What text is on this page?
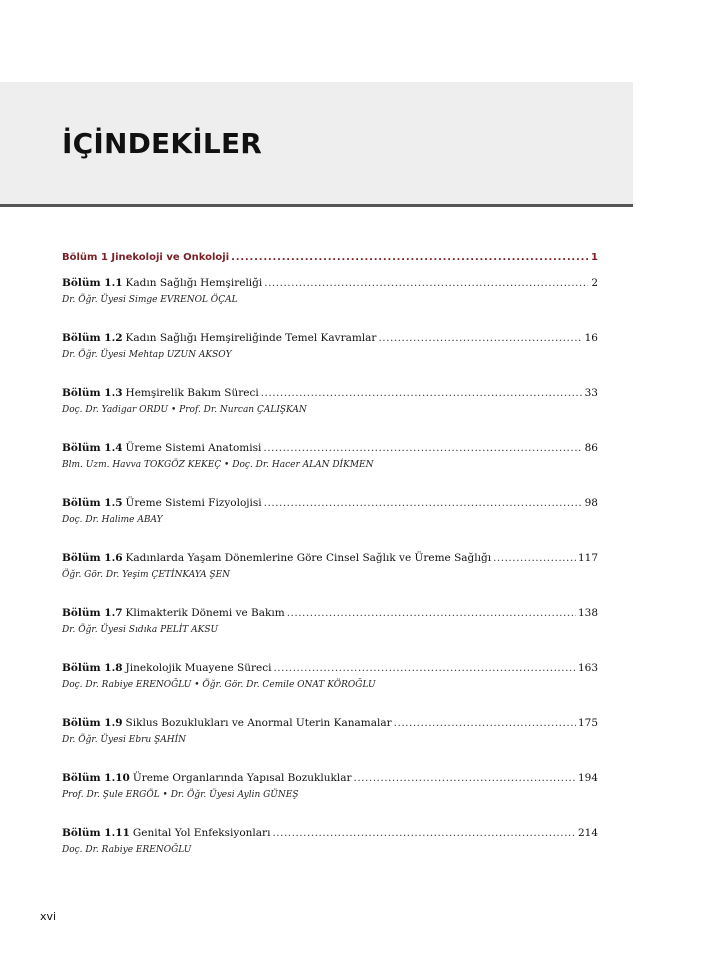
İÇİNDEKİLER
Bölüm 1 Jinekoloji ve Onkoloji .....	1
Bölüm 1.1 Kadın Sağlığı Hemşireliği .....	2
Dr. Öğr. Üyesi Simge EVRENOL ÖÇAL
Bölüm 1.2 Kadın Sağlığı Hemşireliğinde Temel Kavramlar .....	16
Dr. Öğr. Üyesi Mehtap UZUN AKSOY
Bölüm 1.3 Hemşirelik Bakım Süreci .....	33
Doç. Dr. Yadigar ORDU • Prof. Dr. Nurcan ÇALIŞKAN
Bölüm 1.4 Üreme Sistemi Anatomisi .....	86
Blm. Uzm. Havva TOKGÖZ KEKEÇ • Doç. Dr. Hacer ALAN DİKMEN
Bölüm 1.5 Üreme Sistemi Fizyolojisi .....	98
Doç. Dr. Halime ABAY
Bölüm 1.6 Kadınlarda Yaşam Dönemlerine Göre Cinsel Sağlık ve Üreme Sağlığı .....	117
Öğr. Gör. Dr. Yeşim ÇETİNKAYA ŞEN
Bölüm 1.7 Klimakterik Dönemi ve Bakım .....	138
Dr. Öğr. Üyesi Sıdıka PELİT AKSU
Bölüm 1.8 Jinekolojik Muayene Süreci .....	163
Doç. Dr. Rabiye ERENOĞLU • Öğr. Gör. Dr. Cemile ONAT KÖROĞLU
Bölüm 1.9 Siklus Bozuklukları ve Anormal Uterin Kanamalar .....	175
Dr. Öğr. Üyesi Ebru ŞAHİN
Bölüm 1.10 Üreme Organlarında Yapısal Bozukluklar .....	194
Prof. Dr. Şule ERGÖL • Dr. Öğr. Üyesi Aylin GÜNEŞ
Bölüm 1.11 Genital Yol Enfeksiyonları .....	214
Doç. Dr. Rabiye ERENOĞLU
xvi
